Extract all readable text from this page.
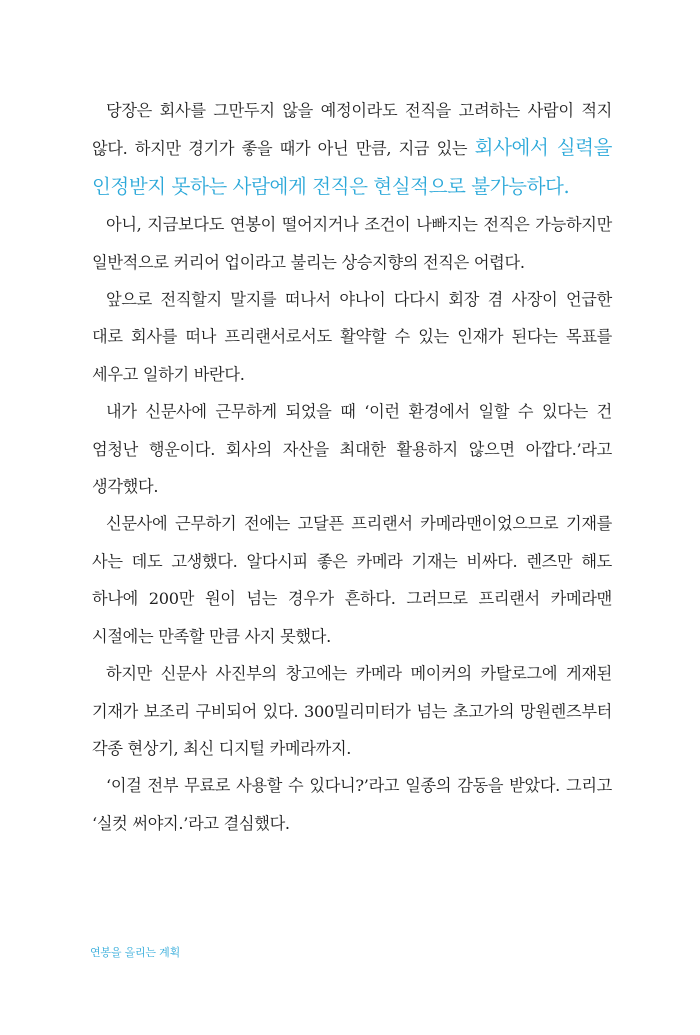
당장은 회사를 그만두지 않을 예정이라도 전직을 고려하는 사람이 적지 않다. 하지만 경기가 좋을 때가 아닌 만큼, 지금 있는 회사에서 실력을 인정받지 못하는 사람에게 전직은 현실적으로 불가능하다.

아니, 지금보다도 연봉이 떨어지거나 조건이 나빠지는 전직은 가능하지만 일반적으로 커리어 업이라고 불리는 상승지향의 전직은 어렵다.

앞으로 전직할지 말지를 떠나서 야나이 다다시 회장 겸 사장이 언급한 대로 회사를 떠나 프리랜서로서도 활약할 수 있는 인재가 된다는 목표를 세우고 일하기 바란다.

내가 신문사에 근무하게 되었을 때 ‘이런 환경에서 일할 수 있다는 건 엄청난 행운이다. 회사의 자산을 최대한 활용하지 않으면 아깝다.’라고 생각했다.

신문사에 근무하기 전에는 고달픈 프리랜서 카메라맨이었으므로 기재를 사는 데도 고생했다. 알다시피 좋은 카메라 기재는 비싸다. 렌즈만 해도 하나에 200만 원이 넘는 경우가 흔하다. 그러므로 프리랜서 카메라맨 시절에는 만족할 만큼 사지 못했다.

하지만 신문사 사진부의 창고에는 카메라 메이커의 카탈로그에 게재된 기재가 보조리 구비되어 있다. 300밀리미터가 넘는 초고가의 망원렌즈부터 각종 현상기, 최신 디지털 카메라까지.

‘이걸 전부 무료로 사용할 수 있다니?’라고 일종의 감동을 받았다. 그리고 ‘실컷 써야지.’라고 결심했다.

연봉을 올리는 계획
